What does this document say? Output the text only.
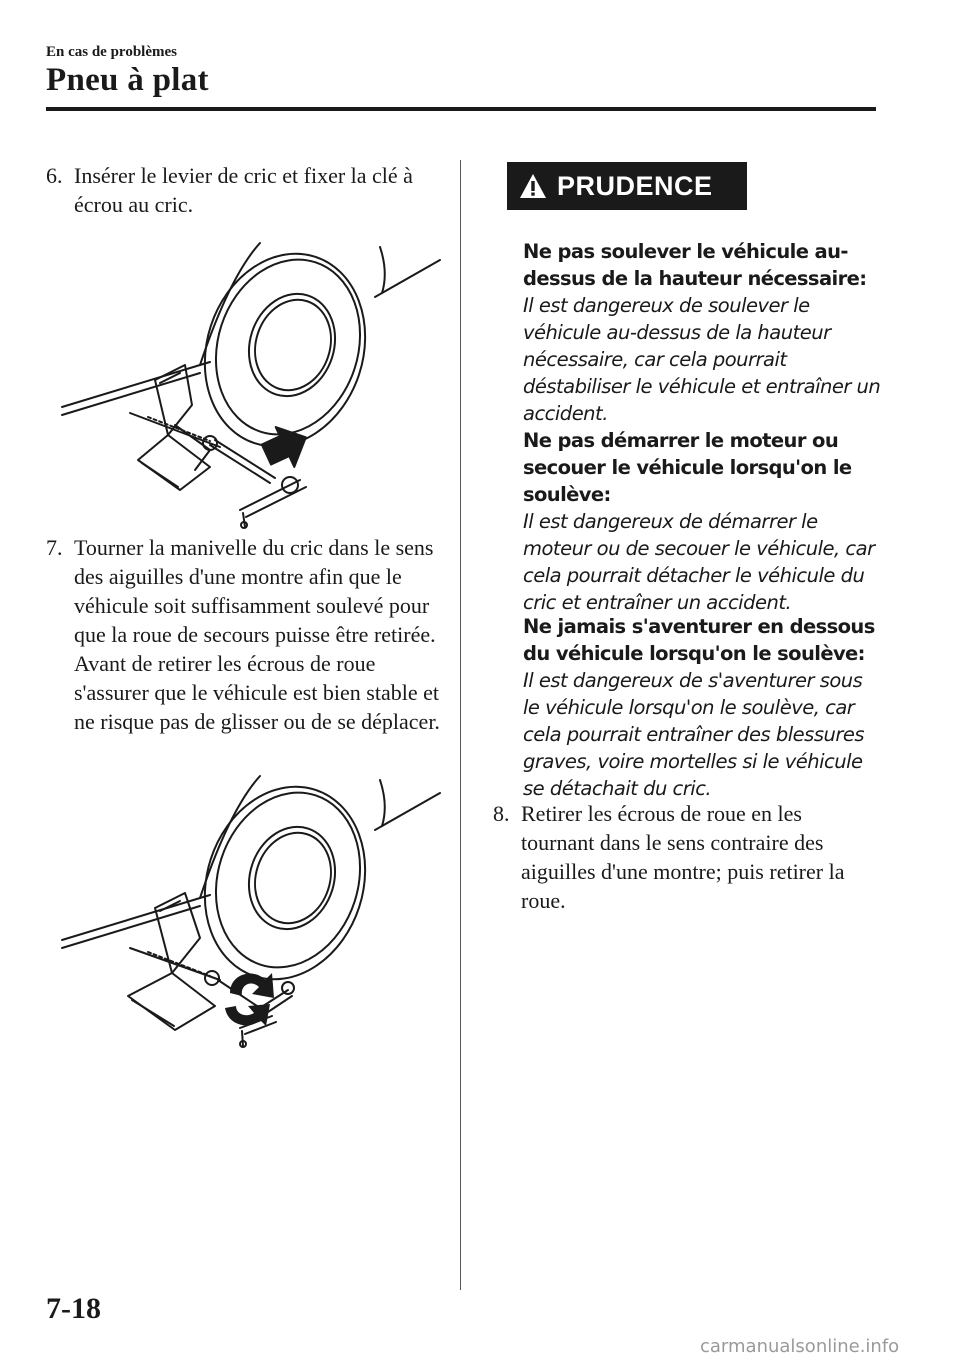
En cas de problèmes
Pneu à plat
6. Insérer le levier de cric et fixer la clé à écrou au cric.
7. Tourner la manivelle du cric dans le sens des aiguilles d'une montre afin que le véhicule soit suffisamment soulevé pour que la roue de secours puisse être retirée. Avant de retirer les écrous de roue s'assurer que le véhicule est bien stable et ne risque pas de glisser ou de se déplacer.
PRUDENCE
Ne pas soulever le véhicule au-dessus de la hauteur nécessaire:
Il est dangereux de soulever le véhicule au-dessus de la hauteur nécessaire, car cela pourrait déstabiliser le véhicule et entraîner un accident.
Ne pas démarrer le moteur ou secouer le véhicule lorsqu'on le soulève:
Il est dangereux de démarrer le moteur ou de secouer le véhicule, car cela pourrait détacher le véhicule du cric et entraîner un accident.
Ne jamais s'aventurer en dessous du véhicule lorsqu'on le soulève:
Il est dangereux de s'aventurer sous le véhicule lorsqu'on le soulève, car cela pourrait entraîner des blessures graves, voire mortelles si le véhicule se détachait du cric.
8. Retirer les écrous de roue en les tournant dans le sens contraire des aiguilles d'une montre; puis retirer la roue.
7-18
carmanualsonline.info
